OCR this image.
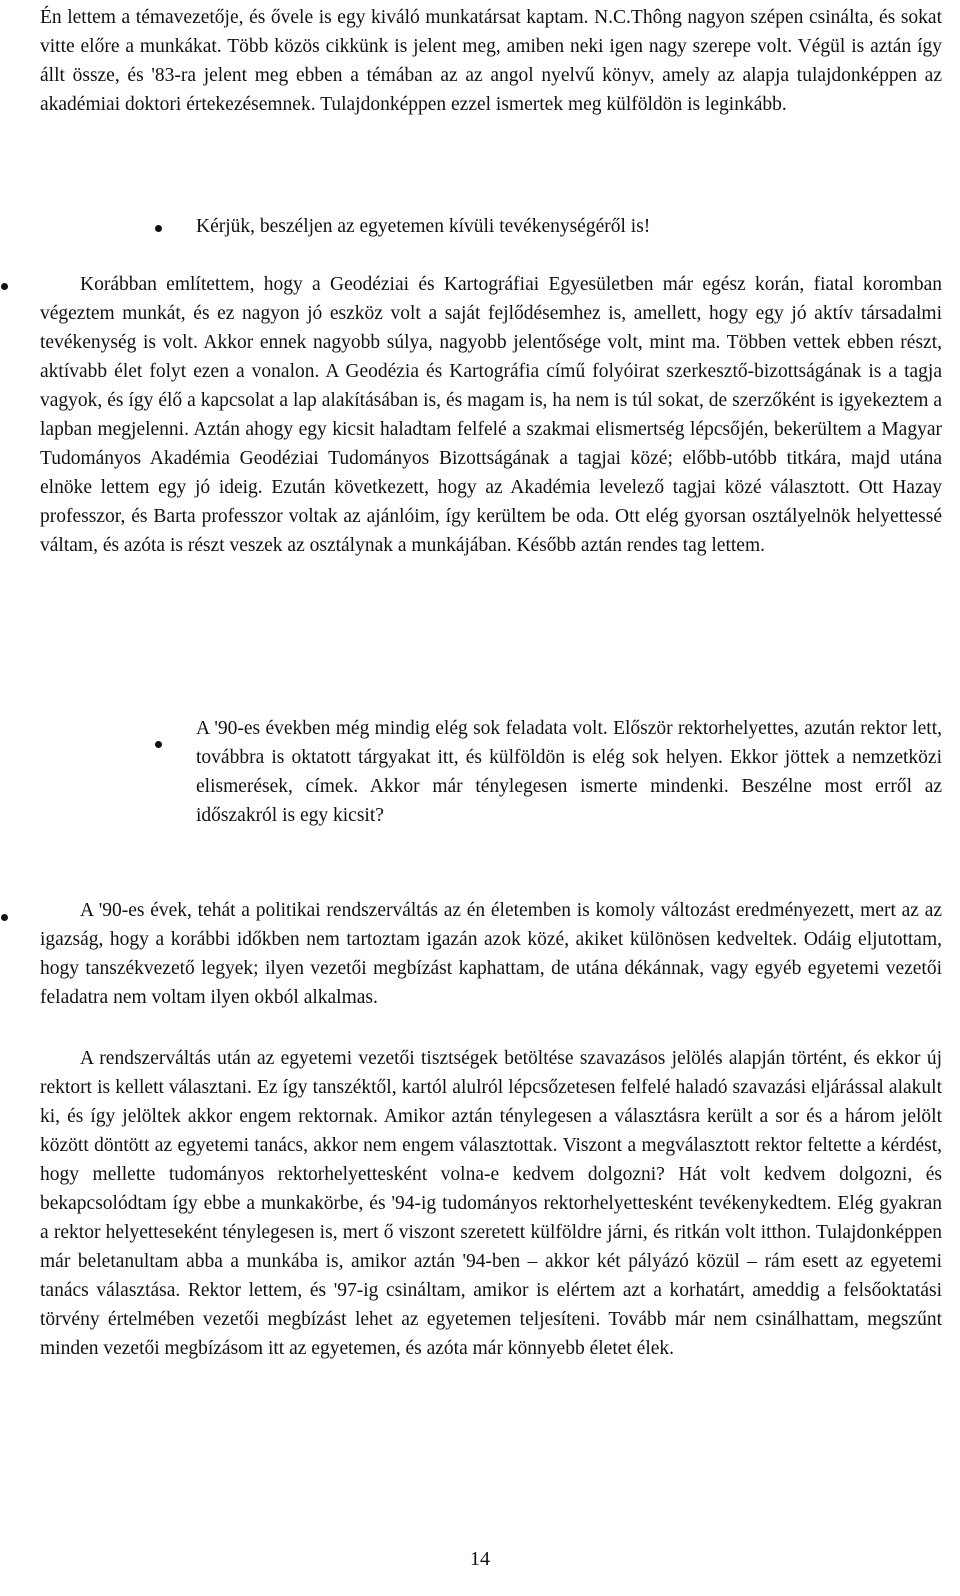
Én lettem a témavezetője, és ővele is egy kiváló munkatársat kaptam. N.C.Thông nagyon szépen csinálta, és sokat vitte előre a munkákat. Több közös cikkünk is jelent meg, amiben neki igen nagy szerepe volt. Végül is aztán így állt össze, és '83-ra jelent meg ebben a témában az az angol nyelvű könyv, amely az alapja tulajdonképpen az akadémiai doktori értekezésemnek. Tulajdonképpen ezzel ismertek meg külföldön is leginkább.

Kérjük, beszéljen az egyetemen kívüli tevékenységéről is!

Korábban említettem, hogy a Geodéziai és Kartográfiai Egyesületben már egész korán, fiatal koromban végeztem munkát, és ez nagyon jó eszköz volt a saját fejlődésemhez is, amellett, hogy egy jó aktív társadalmi tevékenység is volt. Akkor ennek nagyobb súlya, nagyobb jelentősége volt, mint ma. Többen vettek ebben részt, aktívabb élet folyt ezen a vonalon. A Geodézia és Kartográfia című folyóirat szerkesztő-bizottságának is a tagja vagyok, és így élő a kapcsolat a lap alakításában is, és magam is, ha nem is túl sokat, de szerzőként is igyekeztem a lapban megjelenni. Aztán ahogy egy kicsit haladtam felfelé a szakmai elismertség lépcsőjén, bekerültem a Magyar Tudományos Akadémia Geodéziai Tudományos Bizottságának a tagjai közé; előbb-utóbb titkára, majd utána elnöke lettem egy jó ideig. Ezután következett, hogy az Akadémia levelező tagjai közé választott. Ott Hazay professzor, és Barta professzor voltak az ajánlóim, így kerültem be oda. Ott elég gyorsan osztályelnök helyettessé váltam, és azóta is részt veszek az osztálynak a munkájában. Később aztán rendes tag lettem.

A '90-es években még mindig elég sok feladata volt. Először rektorhelyettes, azután rektor lett, továbbra is oktatott tárgyakat itt, és külföldön is elég sok helyen. Ekkor jöttek a nemzetközi elismerések, címek. Akkor már ténylegesen ismerte mindenki. Beszélne most erről az időszakról is egy kicsit?

A '90-es évek, tehát a politikai rendszerváltás az én életemben is komoly változást eredményezett, mert az az igazság, hogy a korábbi időkben nem tartoztam igazán azok közé, akiket különösen kedveltek. Odáig eljutottam, hogy tanszékvezető legyek; ilyen vezetői megbízást kaphattam, de utána dékánnak, vagy egyéb egyetemi vezetői feladatra nem voltam ilyen okból alkalmas.

A rendszerváltás után az egyetemi vezetői tisztségek betöltése szavazásos jelölés alapján történt, és ekkor új rektort is kellett választani. Ez így tanszéktől, kartól alulról lépcsőzetesen felfelé haladó szavazási eljárással alakult ki, és így jelöltek akkor engem rektornak. Amikor aztán ténylegesen a választásra került a sor és a három jelölt között döntött az egyetemi tanács, akkor nem engem választottak. Viszont a megválasztott rektor feltette a kérdést, hogy mellette tudományos rektorhelyettesként volna-e kedvem dolgozni? Hát volt kedvem dolgozni, és bekapcsolódtam így ebbe a munkakörbe, és '94-ig tudományos rektorhelyettesként tevékenykedtem. Elég gyakran a rektor helyetteseként ténylegesen is, mert ő viszont szeretett külföldre járni, és ritkán volt itthon. Tulajdonképpen már beletanultam abba a munkába is, amikor aztán '94-ben – akkor két pályázó közül – rám esett az egyetemi tanács választása. Rektor lettem, és '97-ig csináltam, amikor is elértem azt a korhatárt, ameddig a felsőoktatási törvény értelmében vezetői megbízást lehet az egyetemen teljesíteni. Tovább már nem csinálhattam, megszűnt minden vezetői megbízásom itt az egyetemen, és azóta már könnyebb életet élek.

14
